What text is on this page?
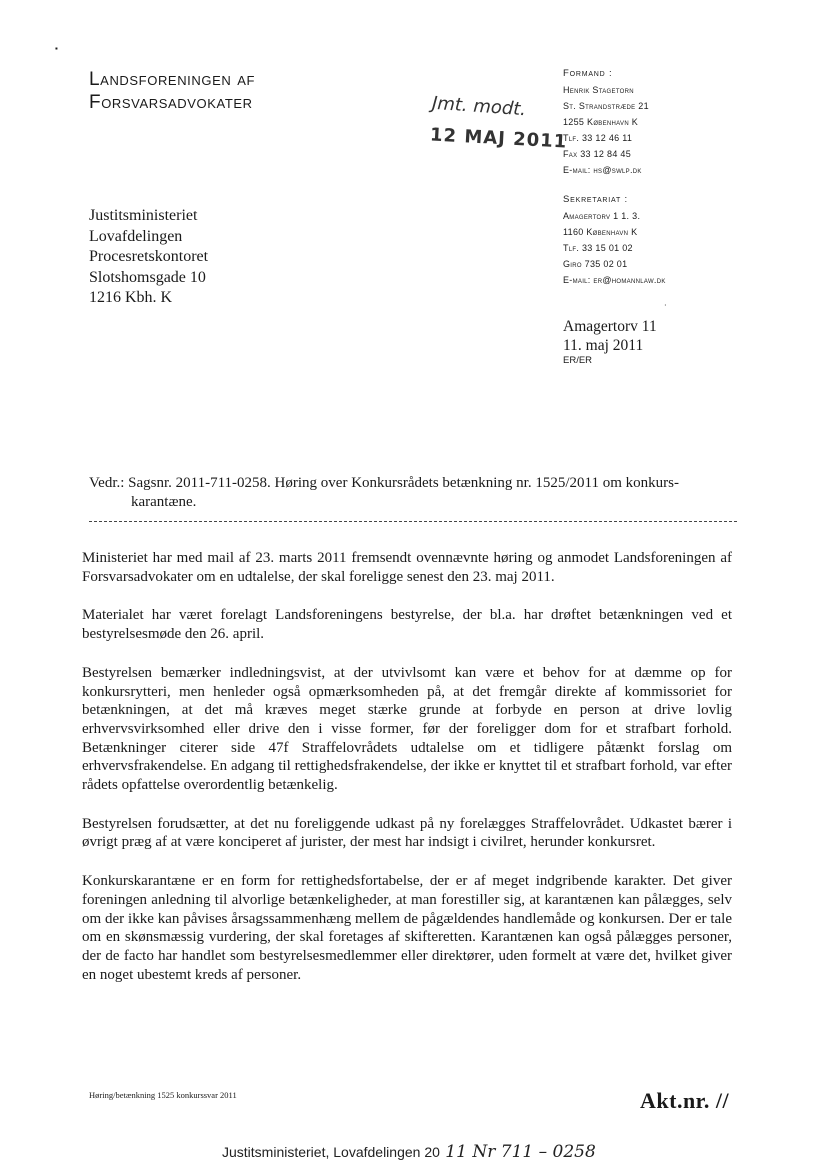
▪
Landsforeningen af
Forsvarsadvokater	Jmt. modt.
12 MAJ 2011
Formand :
Henrik Stagetorn
St. Strandstræde 21
1255 København K
Tlf. 33 12 46 11
Fax 33 12 84 45
E-mail: hs@swlp.dk
Sekretariat :
Amagertorv 1 1. 3.
1160 København K
Tlf. 33 15 01 02
Giro 735 02 01
E-mail: er@homannlaw.dk
·
Justitsministeriet
Lovafdelingen
Procesretskontoret
Slotshomsgade 10
1216 Kbh. K
Amagertorv 11
11. maj 2011
ER/ER
Vedr.: Sagsnr. 2011-711-0258. Høring over Konkursrådets betænkning nr. 1525/2011 om konkurs-
karantæne.

Ministeriet har med mail af 23. marts 2011 fremsendt ovennævnte høring og anmodet Landsforeningen af Forsvarsadvokater om en udtalelse, der skal foreligge senest den 23. maj 2011.

Materialet har været forelagt Landsforeningens bestyrelse, der bl.a. har drøftet betænkningen ved et bestyrelsesmøde den 26. april.

Bestyrelsen bemærker indledningsvist, at der utvivlsomt kan være et behov for at dæmme op for konkursrytteri, men henleder også opmærksomheden på, at det fremgår direkte af kommissoriet for betænkningen, at det må kræves meget stærke grunde at forbyde en person at drive lovlig erhvervsvirksomhed eller drive den i visse former, før der foreligger dom for et strafbart forhold. Betænkninger citerer side 47f Straffelovrådets udtalelse om et tidligere påtænkt forslag om erhvervsfrakendelse. En adgang til rettighedsfrakendelse, der ikke er knyttet til et strafbart forhold, var efter rådets opfattelse overordentlig betænkelig.

Bestyrelsen forudsætter, at det nu foreliggende udkast på ny forelægges Straffelovrådet. Udkastet bærer i øvrigt præg af at være konciperet af jurister, der mest har indsigt i civilret, herunder konkursret.

Konkurskarantæne er en form for rettighedsfortabelse, der er af meget indgribende karakter. Det giver foreningen anledning til alvorlige betænkeligheder, at man forestiller sig, at karantænen kan pålægges, selv om der ikke kan påvises årsagssammenhæng mellem de pågældendes handlemåde og konkursen. Der er tale om en skønsmæssig vurdering, der skal foretages af skifteretten. Karantænen kan også pålægges personer, der de facto har handlet som bestyrelsesmedlemmer eller direktører, uden formelt at være det, hvilket giver en noget ubestemt kreds af personer.

Høring/betænkning 1525 konkurssvar 2011	Akt.nr. //
Justitsministeriet, Lovafdelingen 20 11 Nr 711 – 0258
